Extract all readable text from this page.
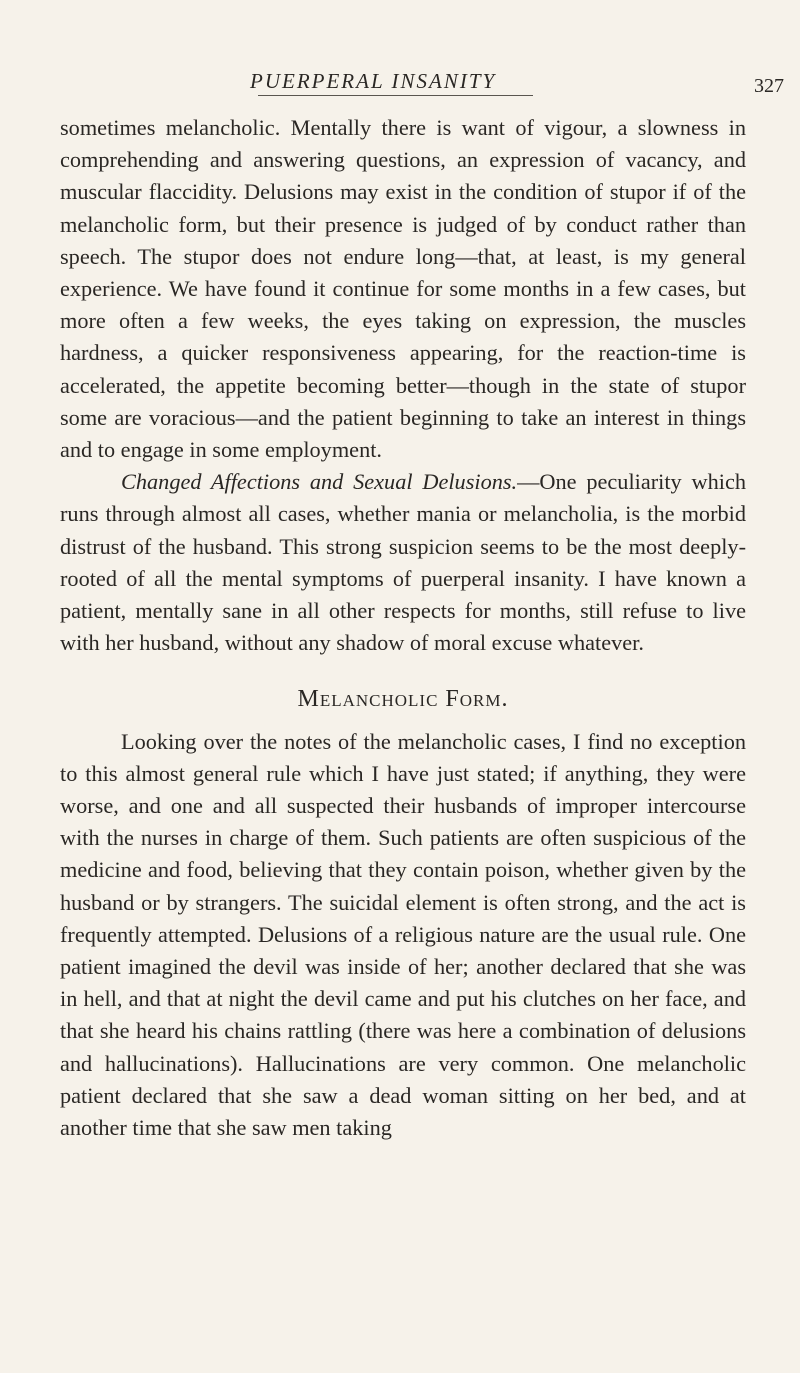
PUERPERAL INSANITY	327

sometimes melancholic. Mentally there is want of vigour, a slowness in comprehending and answering questions, an expression of vacancy, and muscular flaccidity. Delusions may exist in the condition of stupor if of the melancholic form, but their presence is judged of by conduct rather than speech. The stupor does not endure long—that, at least, is my general experience. We have found it continue for some months in a few cases, but more often a few weeks, the eyes taking on expression, the muscles hardness, a quicker responsiveness appearing, for the reaction-time is accelerated, the appetite becoming better—though in the state of stupor some are voracious—and the patient beginning to take an interest in things and to engage in some employment.

Changed Affections and Sexual Delusions.—One peculiarity which runs through almost all cases, whether mania or melancholia, is the morbid distrust of the husband. This strong suspicion seems to be the most deeply-rooted of all the mental symptoms of puerperal insanity. I have known a patient, mentally sane in all other respects for months, still refuse to live with her husband, without any shadow of moral excuse whatever.

Melancholic Form.

Looking over the notes of the melancholic cases, I find no exception to this almost general rule which I have just stated; if anything, they were worse, and one and all suspected their husbands of improper intercourse with the nurses in charge of them. Such patients are often suspicious of the medicine and food, believing that they contain poison, whether given by the husband or by strangers. The suicidal element is often strong, and the act is frequently attempted. Delusions of a religious nature are the usual rule. One patient imagined the devil was inside of her; another declared that she was in hell, and that at night the devil came and put his clutches on her face, and that she heard his chains rattling (there was here a combination of delusions and hallucinations). Hallucinations are very common. One melancholic patient declared that she saw a dead woman sitting on her bed, and at another time that she saw men taking
